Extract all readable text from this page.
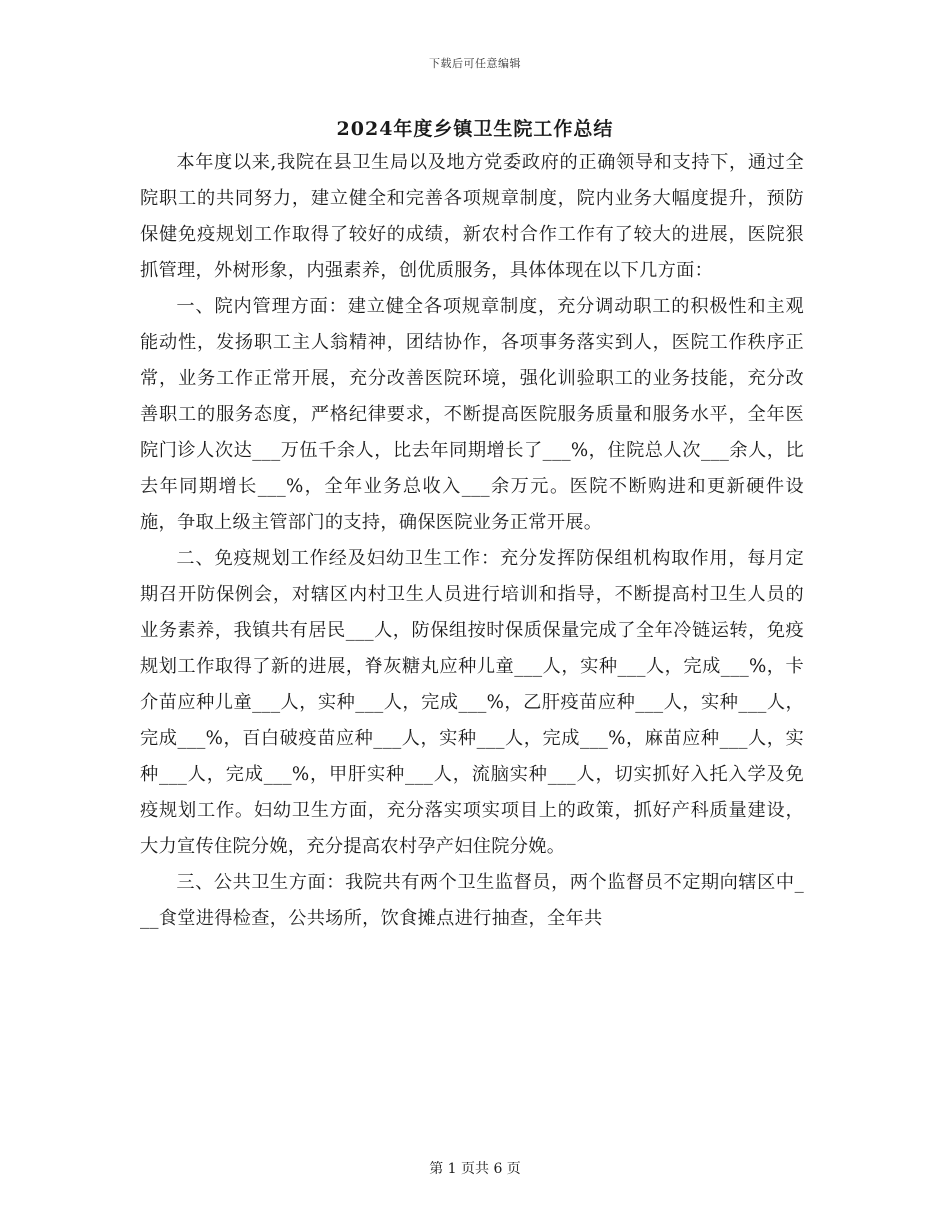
下载后可任意编辑
2024年度乡镇卫生院工作总结

本年度以来,我院在县卫生局以及地方党委政府的正确领导和支持下，通过全院职工的共同努力，建立健全和完善各项规章制度，院内业务大幅度提升，预防保健免疫规划工作取得了较好的成绩，新农村合作工作有了较大的进展，医院狠抓管理，外树形象，内强素养，创优质服务，具体体现在以下几方面：

一、院内管理方面：建立健全各项规章制度，充分调动职工的积极性和主观能动性，发扬职工主人翁精神，团结协作，各项事务落实到人，医院工作秩序正常，业务工作正常开展，充分改善医院环境，强化训验职工的业务技能，充分改善职工的服务态度，严格纪律要求，不断提高医院服务质量和服务水平，全年医院门诊人次达___万伍千余人，比去年同期增长了___%，住院总人次___余人，比去年同期增长___%，全年业务总收入___余万元。医院不断购进和更新硬件设施，争取上级主管部门的支持，确保医院业务正常开展。

二、免疫规划工作经及妇幼卫生工作：充分发挥防保组机构取作用，每月定期召开防保例会，对辖区内村卫生人员进行培训和指导，不断提高村卫生人员的业务素养，我镇共有居民___人，防保组按时保质保量完成了全年冷链运转，免疫规划工作取得了新的进展，脊灰糖丸应种儿童___人，实种___人，完成___%，卡介苗应种儿童___人，实种___人，完成___%，乙肝疫苗应种___人，实种___人，完成___%，百白破疫苗应种___人，实种___人，完成___%，麻苗应种___人，实种___人，完成___%，甲肝实种___人，流脑实种___人，切实抓好入托入学及免疫规划工作。妇幼卫生方面，充分落实项实项目上的政策，抓好产科质量建设，大力宣传住院分娩，充分提高农村孕产妇住院分娩。

三、公共卫生方面：我院共有两个卫生监督员，两个监督员不定期向辖区中___食堂进得检查，公共场所，饮食摊点进行抽查，全年共

第 1 页共 6 页
